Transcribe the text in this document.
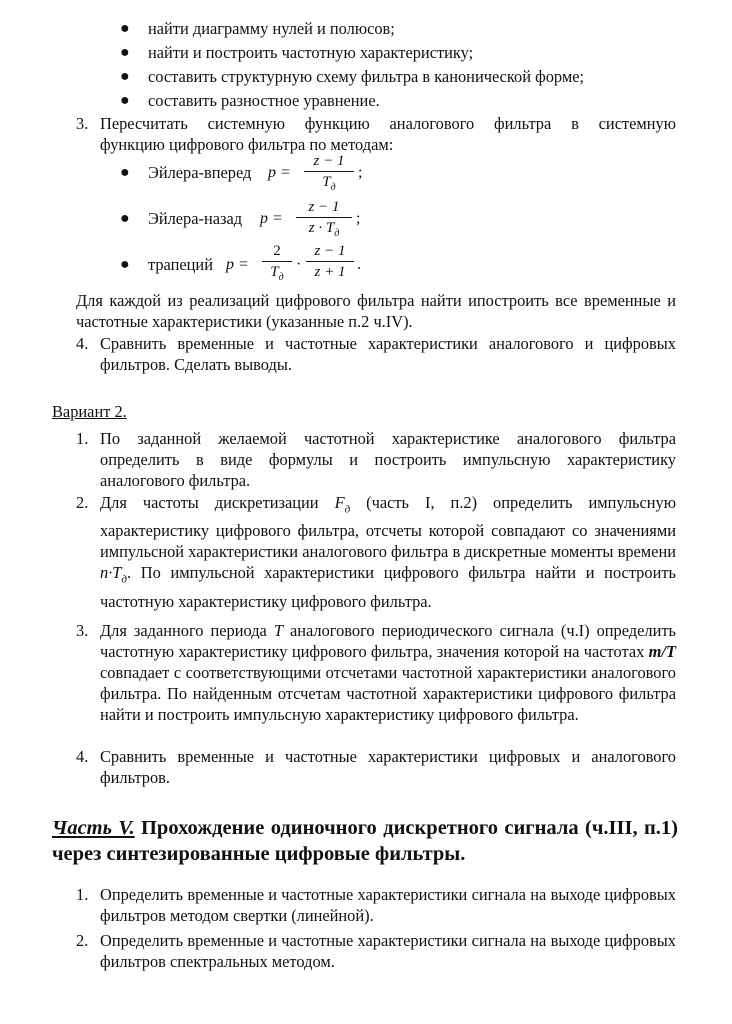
● найти диаграмму нулей и полюсов;
● найти и построить частотную характеристику;
● составить структурную схему фильтра в канонической форме;
● составить разностное уравнение.
3. Пересчитать системную функцию аналогового фильтра в системную
функцию цифрового фильтра по методам:
● Эйлера-вперед p =
z − 1
$T_д$
;
● Эйлера-назад p =
z − 1
$z \cdot T_д$
;
● трапеций p =
2
$T_д$
·
z − 1
z + 1 .
Для каждой из реализаций цифрового фильтра найти ипостроить все временные и частотные характеристики (указанные п.2 ч.IV).
4. Сравнить временные и частотные характеристики аналогового и цифровых фильтров. Сделать выводы.
Вариант 2.
1. По заданной желаемой частотной характеристике аналогового фильтра определить в виде формулы и построить импульсную характеристику аналогового фильтра.
2. Для частоты дискретизации $F_д$ (часть I, п.2) определить импульсную характеристику цифрового фильтра, отсчеты которой совпадают со значениями импульсной характеристики аналогового фильтра в дискретные моменты времени $n\cdot T_д$. По импульсной характеристики цифрового фильтра найти и построить частотную характеристику цифрового фильтра.
3. Для заданного периода T аналогового периодического сигнала (ч.I) определить частотную характеристику цифрового фильтра, значения которой на частотах m/T совпадает с соответствующими отсчетами частотной характеристики аналогового фильтра. По найденным отсчетам частотной характеристики цифрового фильтра найти и построить импульсную характеристику цифрового фильтра.
4. Сравнить временные и частотные характеристики цифровых и аналогового фильтров.
Часть V. Прохождение одиночного дискретного сигнала (ч.III, п.1) через синтезированные цифровые фильтры.
1. Определить временные и частотные характеристики сигнала на выходе цифровых фильтров методом свертки (линейной).
2. Определить временные и частотные характеристики сигнала на выходе цифровых фильтров спектральных методом.
